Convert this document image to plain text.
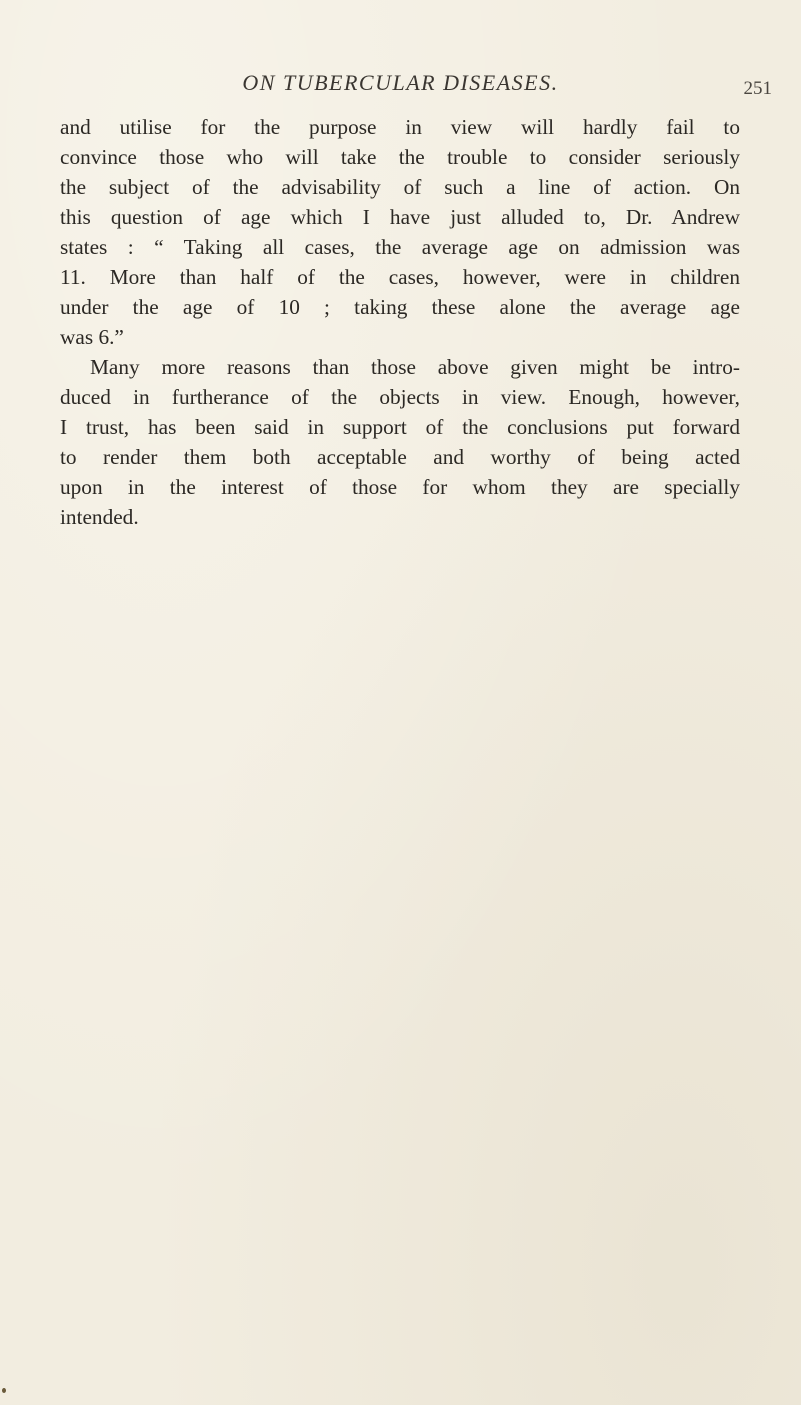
ON TUBERCULAR DISEASES.	251
and utilise for the purpose in view will hardly fail to
convince those who will take the trouble to consider seriously
the subject of the advisability of such a line of action. On
this question of age which I have just alluded to, Dr. Andrew
states : “ Taking all cases, the average age on admission was
11. More than half of the cases, however, were in children
under the age of 10 ; taking these alone the average age
was 6.”
Many more reasons than those above given might be intro-
duced in furtherance of the objects in view. Enough, however,
I trust, has been said in support of the conclusions put forward
to render them both acceptable and worthy of being acted
upon in the interest of those for whom they are specially
intended.
